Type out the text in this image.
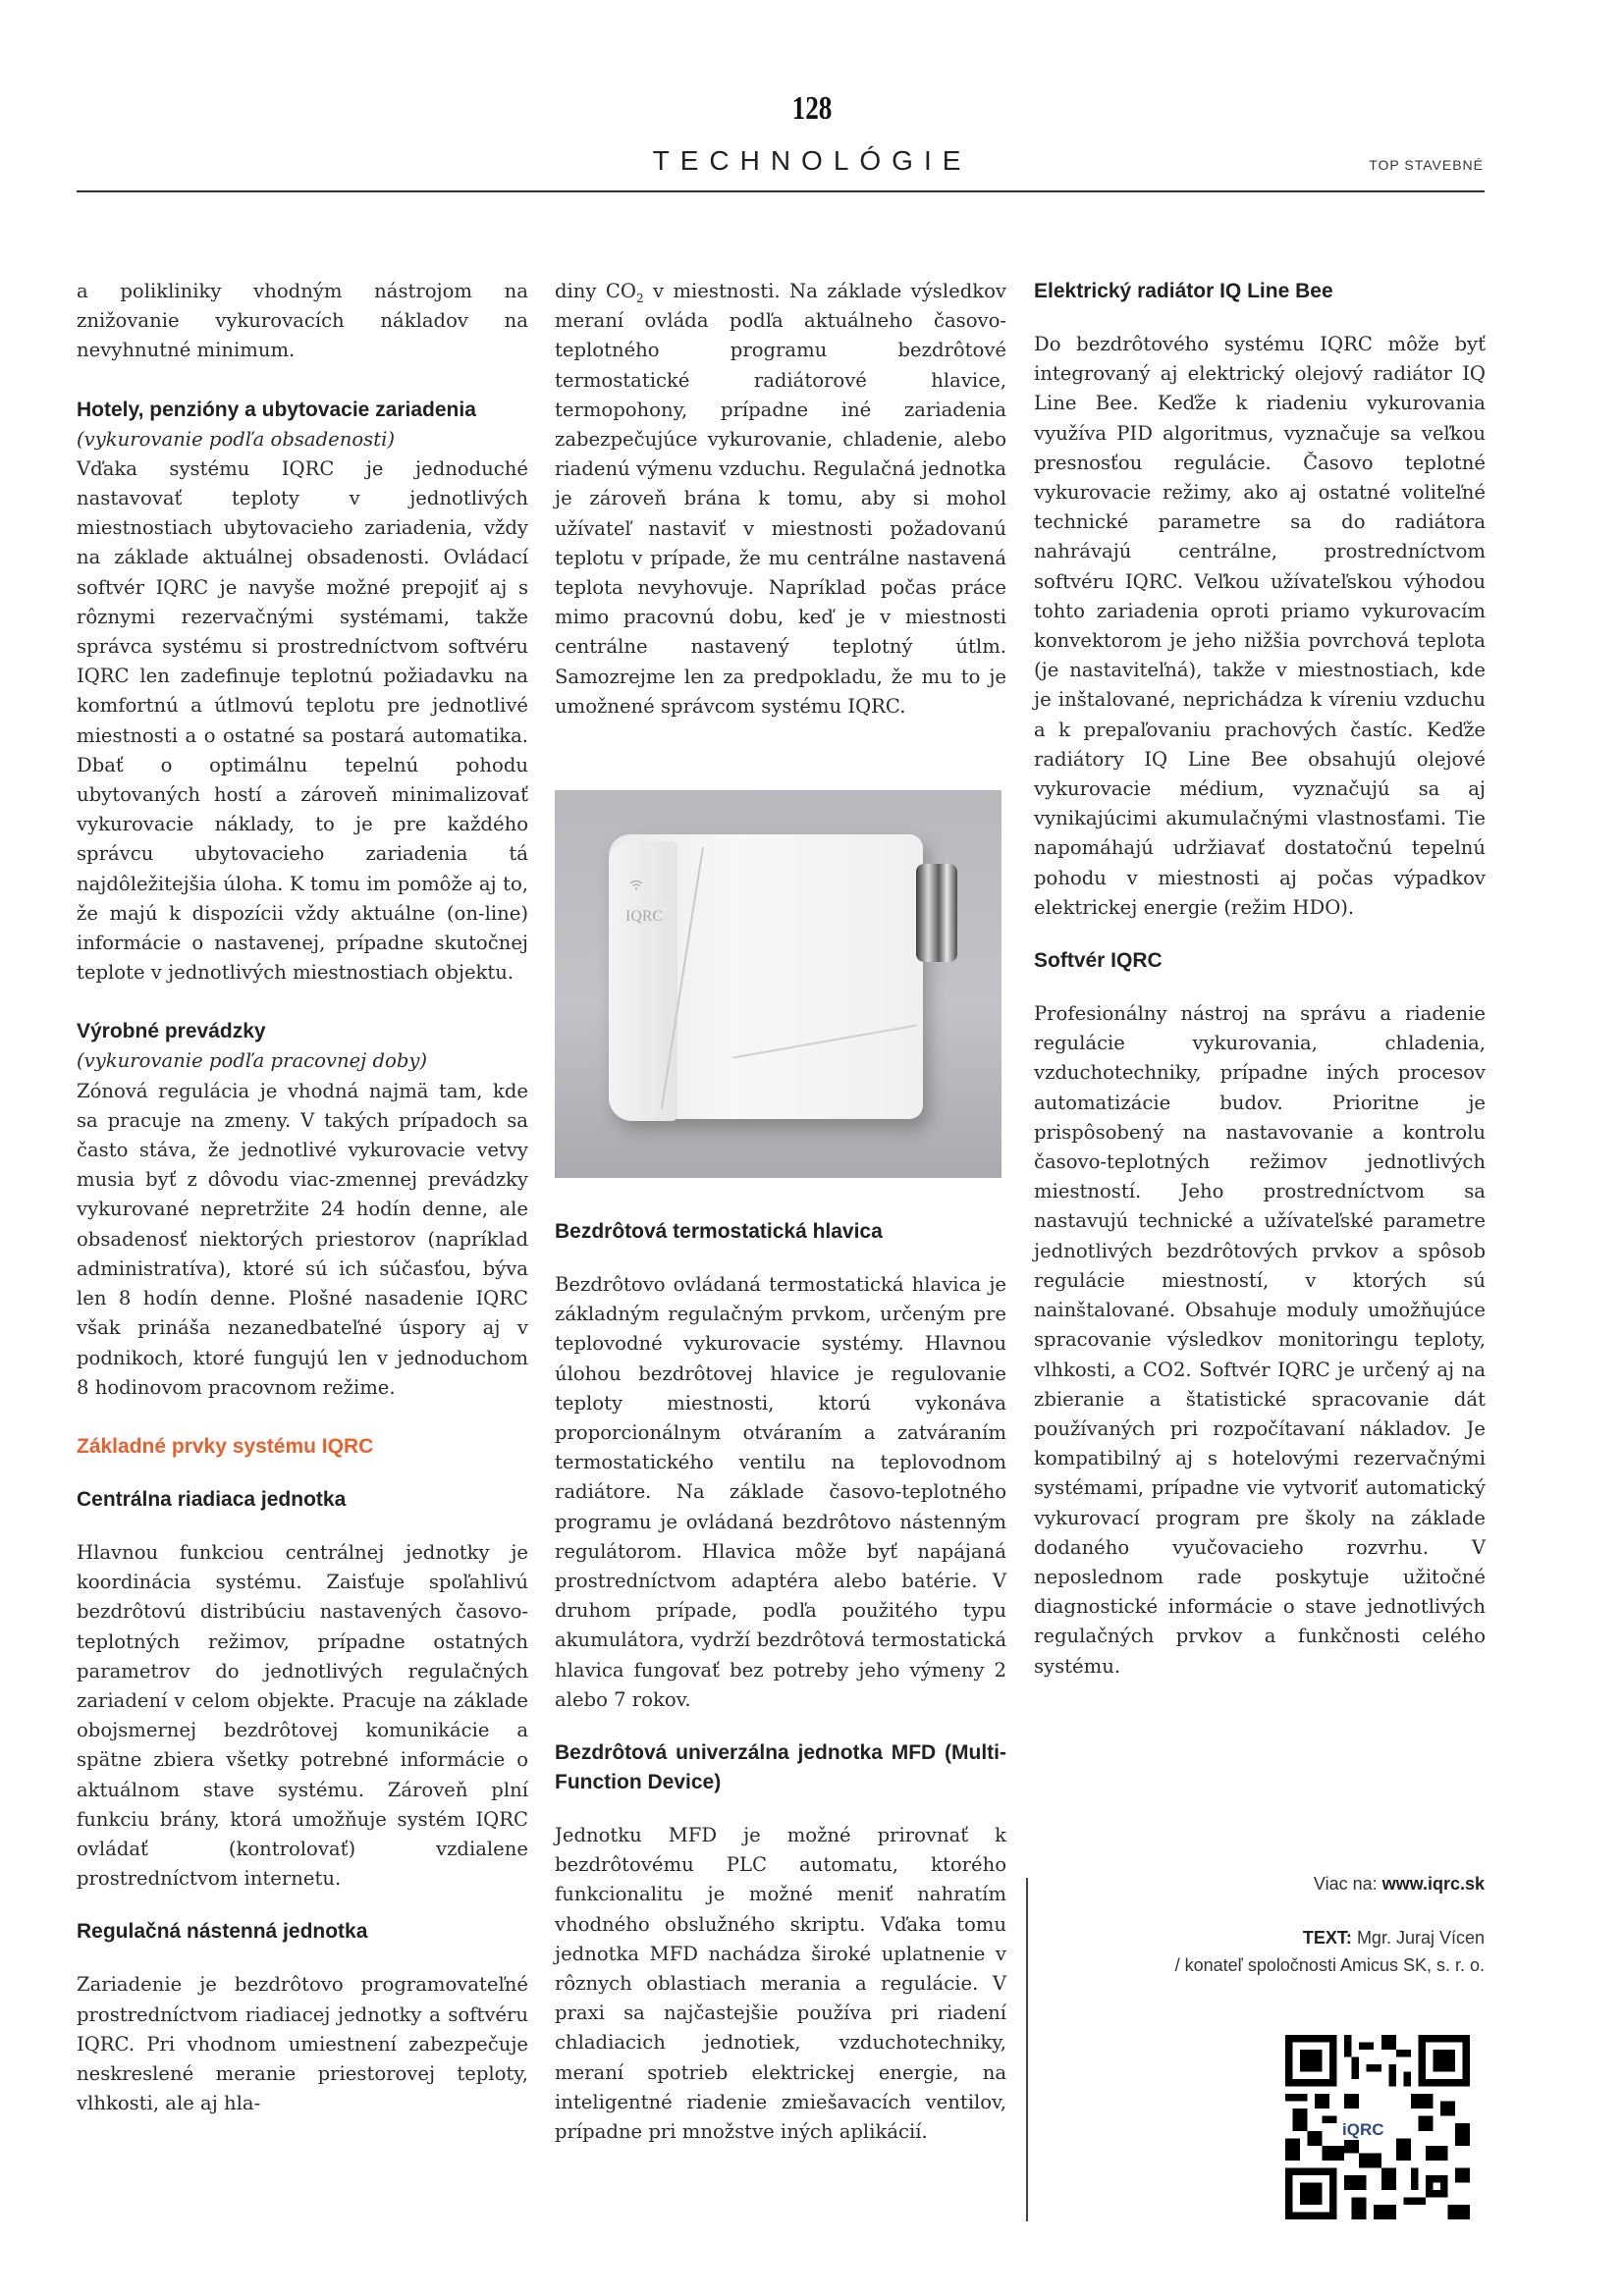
128
TECHNOLÓGIE	TOP STAVEBNÉ

a polikliniky vhodným nástrojom na znižovanie vykurovacích nákladov na nevyhnutné minimum.

Hotely, penzióny a ubytovacie zariadenia

(vykurovanie podľa obsadenosti)

Vďaka systému IQRC je jednoduché nastavovať teploty v jednotlivých miestnostiach ubytovacieho zariadenia, vždy na základe aktuálnej obsadenosti. Ovládací softvér IQRC je navyše možné prepojiť aj s rôznymi rezervačnými systémami, takže správca systému si prostredníctvom softvéru IQRC len zadefinuje teplotnú požiadavku na komfortnú a útlmovú teplotu pre jednotlivé miestnosti a o ostatné sa postará automatika. Dbať o optimálnu tepelnú pohodu ubytovaných hostí a zároveň minimalizovať vykurovacie náklady, to je pre každého správcu ubytovacieho zariadenia tá najdôležitejšia úloha. K tomu im pomôže aj to, že majú k dispozícii vždy aktuálne (on-line) informácie o nastavenej, prípadne skutočnej teplote v jednotlivých miestnostiach objektu.

Výrobné prevádzky

(vykurovanie podľa pracovnej doby)

Zónová regulácia je vhodná najmä tam, kde sa pracuje na zmeny. V takých prípadoch sa často stáva, že jednotlivé vykurovacie vetvy musia byť z dôvodu viac-zmennej prevádzky vykurované nepretržite 24 hodín denne, ale obsadenosť niektorých priestorov (napríklad administratíva), ktoré sú ich súčasťou, býva len 8 hodín denne. Plošné nasadenie IQRC však prináša nezanedbateľné úspory aj v podnikoch, ktoré fungujú len v jednoduchom 8 hodinovom pracovnom režime.

Základné prvky systému IQRC

Centrálna riadiaca jednotka

Hlavnou funkciou centrálnej jednotky je koordinácia systému. Zaisťuje spoľahlivú bezdrôtovú distribúciu nastavených časovo-teplotných režimov, prípadne ostatných parametrov do jednotlivých regulačných zariadení v celom objekte. Pracuje na základe obojsmernej bezdrôtovej komunikácie a spätne zbiera všetky potrebné informácie o aktuálnom stave systému. Zároveň plní funkciu brány, ktorá umožňuje systém IQRC ovládať (kontrolovať) vzdialene prostredníctvom internetu.

Regulačná nástenná jednotka

Zariadenie je bezdrôtovo programovateľné prostredníctvom riadiacej jednotky a softvéru IQRC. Pri vhodnom umiestnení zabezpečuje neskreslené meranie priestorovej teploty, vlhkosti, ale aj hla-

diny $CO_2$ v miestnosti. Na základe výsledkov meraní ovláda podľa aktuálneho časovo-teplotného programu bezdrôtové termostatické radiátorové hlavice, termopohony, prípadne iné zariadenia zabezpečujúce vykurovanie, chladenie, alebo riadenú výmenu vzduchu. Regulačná jednotka je zároveň brána k tomu, aby si mohol užívateľ nastaviť v miestnosti požadovanú teplotu v prípade, že mu centrálne nastavená teplota nevyhovuje. Napríklad počas práce mimo pracovnú dobu, keď je v miestnosti centrálne nastavený teplotný útlm. Samozrejme len za predpokladu, že mu to je umožnené správcom systému IQRC.

IQRC

Bezdrôtová termostatická hlavica

Bezdrôtovo ovládaná termostatická hlavica je základným regulačným prvkom, určeným pre teplovodné vykurovacie systémy. Hlavnou úlohou bezdrôtovej hlavice je regulovanie teploty miestnosti, ktorú vykonáva proporcionálnym otváraním a zatváraním termostatického ventilu na teplovodnom radiátore. Na základe časovo-teplotného programu je ovládaná bezdrôtovo nástenným regulátorom. Hlavica môže byť napájaná prostredníctvom adaptéra alebo batérie. V druhom prípade, podľa použitého typu akumulátora, vydrží bezdrôtová termostatická hlavica fungovať bez potreby jeho výmeny 2 alebo 7 rokov.

Bezdrôtová univerzálna jednotka MFD (Multi-Function Device)

Jednotku MFD je možné prirovnať k bezdrôtovému PLC automatu, ktorého funkcionalitu je možné meniť nahratím vhodného obslužného skriptu. Vďaka tomu jednotka MFD nachádza široké uplatnenie v rôznych oblastiach merania a regulácie. V praxi sa najčastejšie používa pri riadení chladiacich jednotiek, vzduchotechniky, meraní spotrieb elektrickej energie, na inteligentné riadenie zmiešavacích ventilov, prípadne pri množstve iných aplikácií.

Elektrický radiátor IQ Line Bee

Do bezdrôtového systému IQRC môže byť integrovaný aj elektrický olejový radiátor IQ Line Bee. Keďže k riadeniu vykurovania využíva PID algoritmus, vyznačuje sa veľkou presnosťou regulácie. Časovo teplotné vykurovacie režimy, ako aj ostatné voliteľné technické parametre sa do radiátora nahrávajú centrálne, prostredníctvom softvéru IQRC. Veľkou užívateľskou výhodou tohto zariadenia oproti priamo vykurovacím konvektorom je jeho nižšia povrchová teplota (je nastaviteľná), takže v miestnostiach, kde je inštalované, neprichádza k víreniu vzduchu a k prepaľovaniu prachových častíc. Keďže radiátory IQ Line Bee obsahujú olejové vykurovacie médium, vyznačujú sa aj vynikajúcimi akumulačnými vlastnosťami. Tie napomáhajú udržiavať dostatočnú tepelnú pohodu v miestnosti aj počas výpadkov elektrickej energie (režim HDO).

Softvér IQRC

Profesionálny nástroj na správu a riadenie regulácie vykurovania, chladenia, vzduchotechniky, prípadne iných procesov automatizácie budov. Prioritne je prispôsobený na nastavovanie a kontrolu časovo-teplotných režimov jednotlivých miestností. Jeho prostredníctvom sa nastavujú technické a užívateľské parametre jednotlivých bezdrôtových prvkov a spôsob regulácie miestností, v ktorých sú nainštalované. Obsahuje moduly umožňujúce spracovanie výsledkov monitoringu teploty, vlhkosti, a CO2. Softvér IQRC je určený aj na zbieranie a štatistické spracovanie dát používaných pri rozpočítavaní nákladov. Je kompatibilný aj s hotelovými rezervačnými systémami, prípadne vie vytvoriť automatický vykurovací program pre školy na základe dodaného vyučovacieho rozvrhu. V neposlednom rade poskytuje užitočné diagnostické informácie o stave jednotlivých regulačných prvkov a funkčnosti celého systému.

Viac na: www.iqrc.sk
TEXT: Mgr. Juraj Vícen
/ konateľ spoločnosti Amicus SK, s. r. o.
iQRC
